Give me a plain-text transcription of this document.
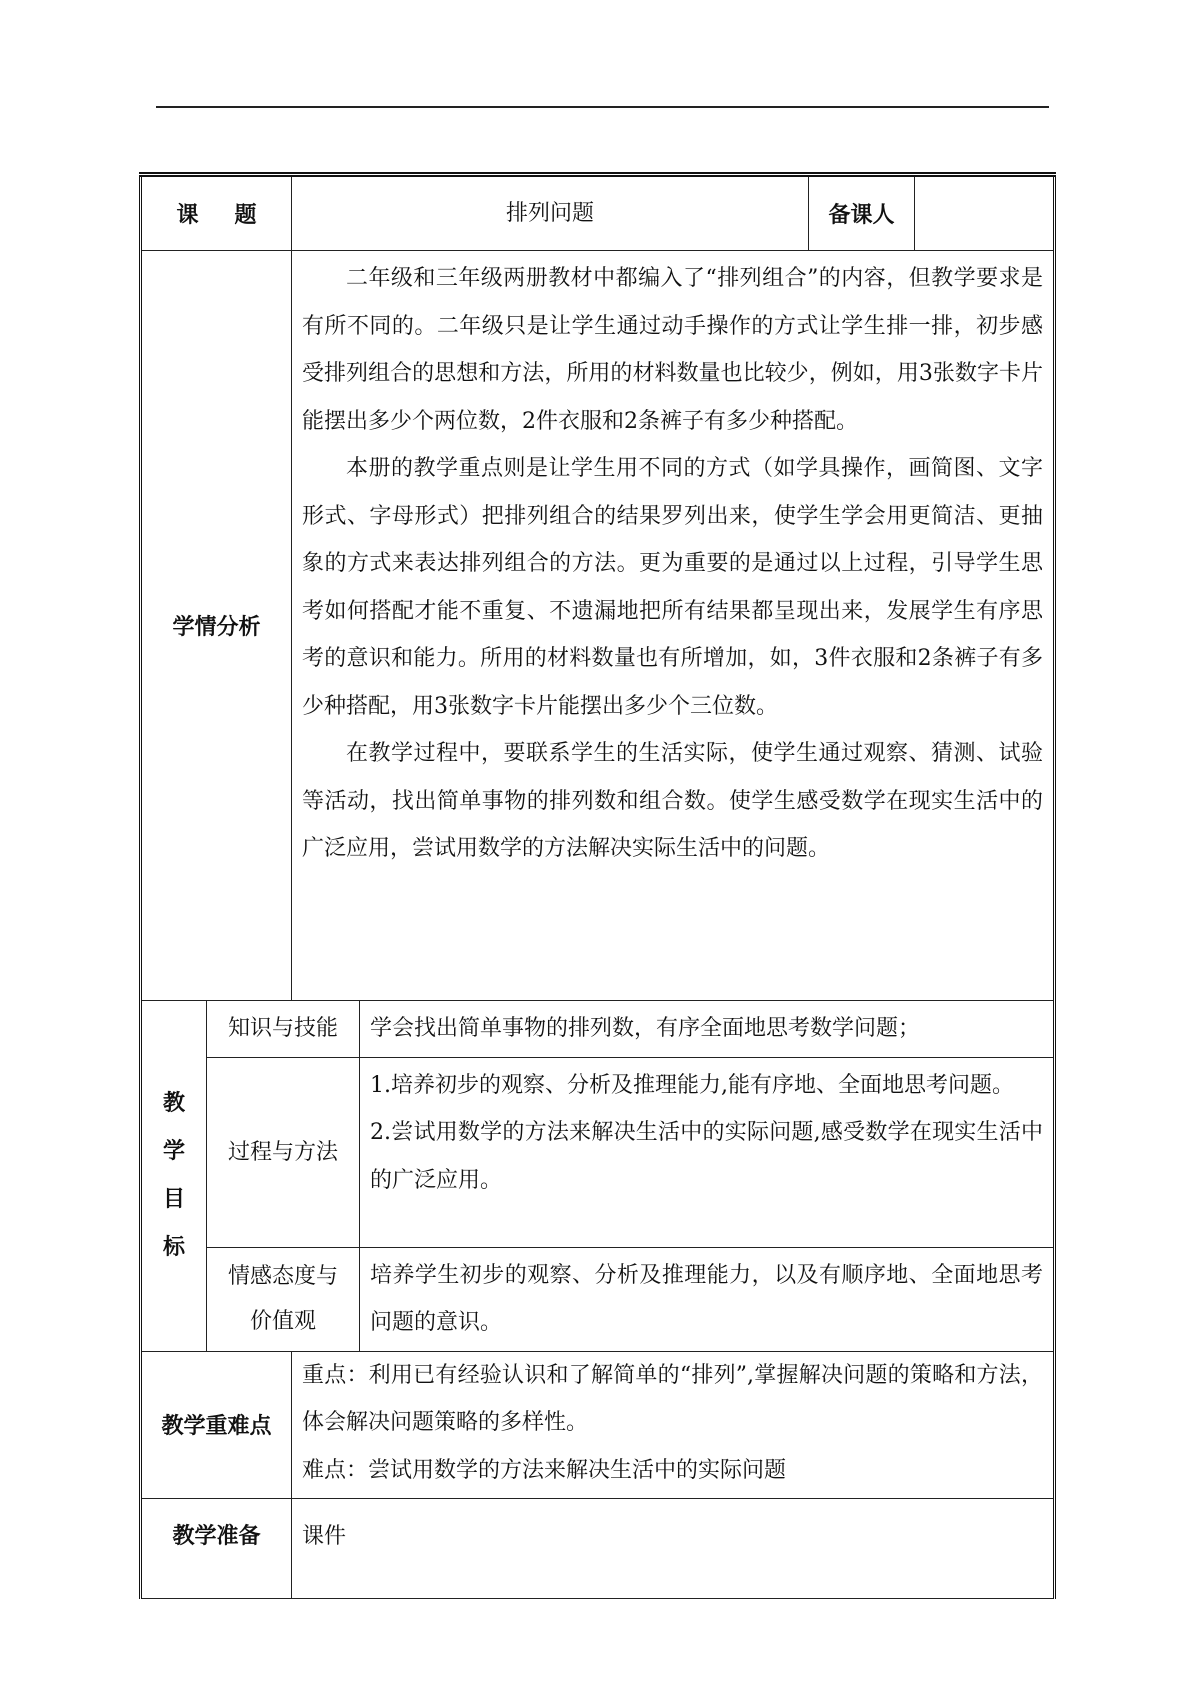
课 题		排列问题		备课人	
学情分析		二年级和三年级两册教材中都编入了“排列组合”的内容，但教学要求是有所不同的。二年级只是让学生通过动手操作的方式让学生排一排，初步感受排列组合的思想和方法，所用的材料数量也比较少，例如，用3张数字卡片能摆出多少个两位数，2件衣服和2条裤子有多少种搭配。

本册的教学重点则是让学生用不同的方式（如学具操作，画简图、文字形式、字母形式）把排列组合的结果罗列出来，使学生学会用更简洁、更抽象的方式来表达排列组合的方法。更为重要的是通过以上过程，引导学生思考如何搭配才能不重复、不遗漏地把所有结果都呈现出来，发展学生有序思考的意识和能力。所用的材料数量也有所增加，如，3件衣服和2条裤子有多少种搭配，用3张数字卡片能摆出多少个三位数。

在教学过程中，要联系学生的生活实际，使学生通过观察、猜测、试验等活动，找出简单事物的排列数和组合数。使学生感受数学在现实生活中的广泛应用，尝试用数学的方法解决实际生活中的问题。			

教
学
目
标	知识与技能		学会找出简单事物的排列数，有序全面地思考数学问题；		
	过程与方法		1.培养初步的观察、分析及推理能力,能有序地、全面地思考问题。

2.尝试用数学的方法来解决生活中的实际问题,感受数学在现实生活中的广泛应用。		

	情感态度与
价值观		培养学生初步的观察、分析及推理能力，以及有顺序地、全面地思考问题的意识。		
教学重难点		重点：利用已有经验认识和了解简单的“排列”,掌握解决问题的策略和方法，体会解决问题策略的多样性。

难点：尝试用数学的方法来解决生活中的实际问题			

教学准备		课件			
